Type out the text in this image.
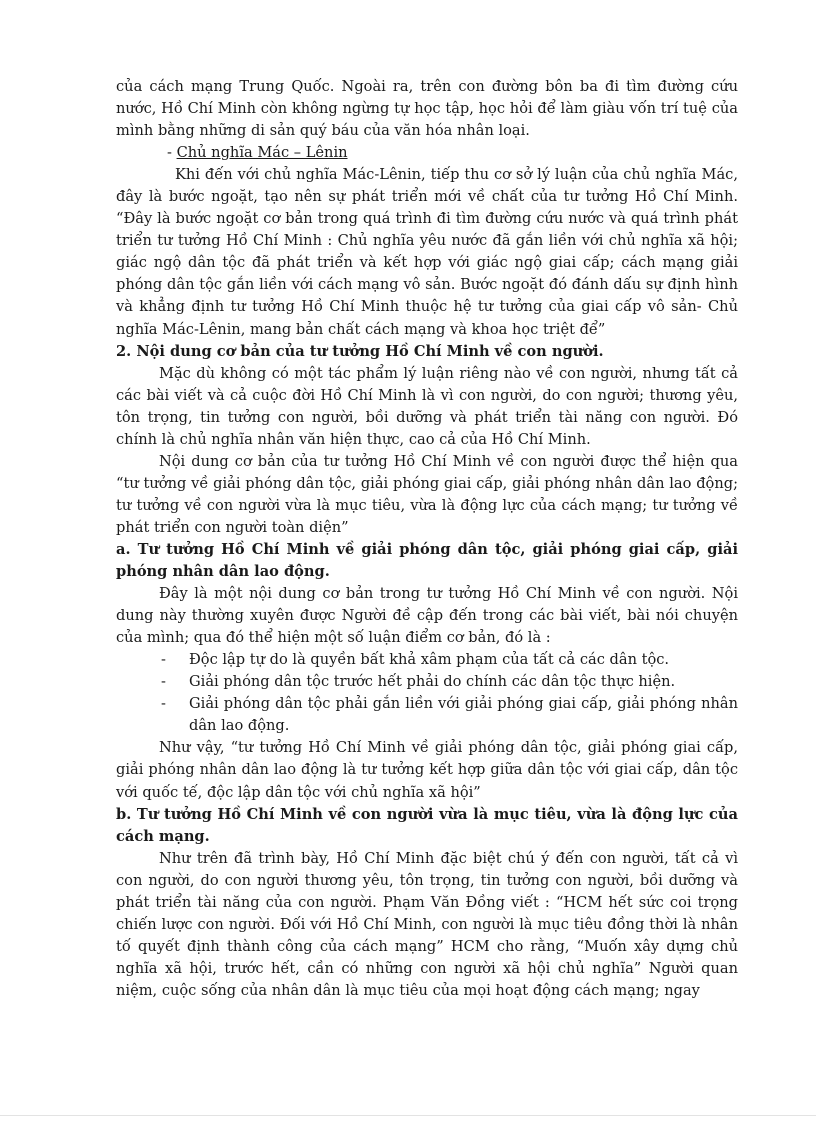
của cách mạng Trung Quốc. Ngoài ra, trên con đường bôn ba đi tìm đường cứu nước, Hồ Chí Minh còn không ngừng tự học tập, học hỏi để làm giàu vốn trí tuệ của mình bằng những di sản quý báu của văn hóa nhân loại.

- Chủ nghĩa Mác – Lênin

Khi đến với chủ nghĩa Mác-Lênin, tiếp thu cơ sở lý luận của chủ nghĩa Mác, đây là bước ngoặt, tạo nên sự phát triển mới về chất của tư tưởng Hồ Chí Minh. “Đây là bước ngoặt cơ bản trong quá trình đi tìm đường cứu nước và quá trình phát triển tư tưởng Hồ Chí Minh : Chủ nghĩa yêu nước đã gắn liền với chủ nghĩa xã hội; giác ngộ dân tộc đã phát triển và kết hợp với giác ngộ giai cấp; cách mạng giải phóng dân tộc gắn liền với cách mạng vô sản. Bước ngoặt đó đánh dấu sự định hình và khẳng định tư tưởng Hồ Chí Minh thuộc hệ tư tưởng của giai cấp vô sản- Chủ nghĩa Mác-Lênin, mang bản chất cách mạng và khoa học triệt để”

2. Nội dung cơ bản của tư tưởng Hồ Chí Minh về con người.

Mặc dù không có một tác phẩm lý luận riêng nào về con người, nhưng tất cả các bài viết và cả cuộc đời Hồ Chí Minh là vì con người, do con người; thương yêu, tôn trọng, tin tưởng con người, bồi dưỡng và phát triển tài năng con người. Đó chính là chủ nghĩa nhân văn hiện thực, cao cả của Hồ Chí Minh.

Nội dung cơ bản của tư tưởng Hồ Chí Minh về con người được thể hiện qua “tư tưởng về giải phóng dân tộc, giải phóng giai cấp, giải phóng nhân dân lao động; tư tưởng về con người vừa là mục tiêu, vừa là động lực của cách mạng; tư tưởng về phát triển con người toàn diện”

a. Tư tưởng Hồ Chí Minh về giải phóng dân tộc, giải phóng giai cấp, giải phóng nhân dân lao động.

Đây là một nội dung cơ bản trong tư tưởng Hồ Chí Minh về con người. Nội dung này thường xuyên được Người đề cập đến trong các bài viết, bài nói chuyện của mình; qua đó thể hiện một số luận điểm cơ bản, đó là :

- Độc lập tự do là quyền bất khả xâm phạm của tất cả các dân tộc.

- Giải phóng dân tộc trước hết phải do chính các dân tộc thực hiện.

- Giải phóng dân tộc phải gắn liền với giải phóng giai cấp, giải phóng nhân dân lao động.

Như vậy, “tư tưởng Hồ Chí Minh về giải phóng dân tộc, giải phóng giai cấp, giải phóng nhân dân lao động là tư tưởng kết hợp giữa dân tộc với giai cấp, dân tộc với quốc tế, độc lập dân tộc với chủ nghĩa xã hội”

b. Tư tưởng Hồ Chí Minh về con người vừa là mục tiêu, vừa là động lực của cách mạng.

Như trên đã trình bày, Hồ Chí Minh đặc biệt chú ý đến con người, tất cả vì con người, do con người thương yêu, tôn trọng, tin tưởng con người, bồi dưỡng và phát triển tài năng của con người. Phạm Văn Đồng viết : “HCM hết sức coi trọng chiến lược con người. Đối với Hồ Chí Minh, con người là mục tiêu đồng thời là nhân tố quyết định thành công của cách mạng” HCM cho rằng, “Muốn xây dựng chủ nghĩa xã hội, trước hết, cần có những con người xã hội chủ nghĩa” Người quan niệm, cuộc sống của nhân dân là mục tiêu của mọi hoạt động cách mạng; ngay
